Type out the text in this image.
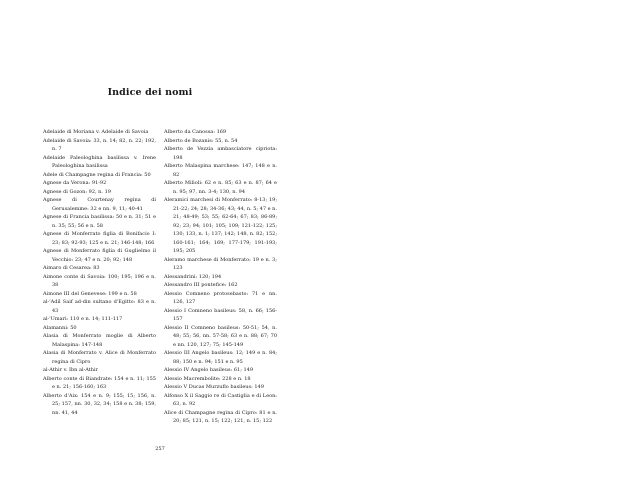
Indice dei nomi

Adelaide di Moriana v. Adelaide di Savoia

Adelaide di Savoia: 33, n. 14; 82, n. 22; 192, n. 7

Adelaide Paleologhina basilissa v. Irene Paleologhina basilissa

Adele di Champagne regina di Francia: 50

Agnese da Verona: 91-92

Agnese di Gozon: 92, n. 19

Agnese di Courtenay regina di Gerusalemme: 32 e nn. 9, 11; 40-41

Agnese di Francia basilissa: 50 e n. 31; 51 e n. 35; 55; 56 e n. 58

Agnese di Monferrato figlia di Bonifacio I: 23; 83; 92-93; 125 e n. 21; 146-148; 166

Agnese di Monferrato figlia di Guglielmo il Vecchio: 23; 47 e n. 20; 92; 148

Aimaro di Cesarea: 83

Aimone conte di Savoia: 100; 195; 196 e n. 38

Aimone III del Genevese: 199 e n. 58

al-'Adil Saif ad-din sultano d'Egitto: 83 e n. 43

al-'Umari: 110 e n. 14; 111-117

Alamanni: 50

Alasia di Monferrato moglie di Alberto Malaspina: 147-148

Alasia di Monferrato v. Alice di Monferrato regina di Cipro

al-Athir v. Ibn al-Athir

Alberto conte di Biandrate: 154 e n. 11; 155 e n. 21; 156-160; 163

Alberto d'Aix: 154 e n. 9; 155; 15; 156, n. 25; 157, nn. 30, 32, 34; 158 e n. 38; 159, nn. 41, 44

Alberto da Canossa: 169

Alberto de Bozanis: 55, n. 54

Alberto de Vezzia ambasciatore cipriota: 198

Alberto Malaspina marchese: 147; 148 e n. 82

Alberto Milioli: 62 e n. 85; 63 e n. 87; 64 e n. 95; 97, nn. 3-4; 130, n. 94

Aleramici marchesi di Monferrato: 8-13; 19; 21-22; 24; 28; 34-36; 43; 44, n. 5; 47 e n. 21; 48-49; 53; 55; 62-64; 67; 83; 86-89; 92; 23; 94; 101; 105; 109; 121-122; 125; 130; 133, n. 1; 137; 142; 148, n. 82; 152; 160-161; 164; 169; 177-179; 191-193; 195; 205

Aleramo marchese di Monferrato: 19 e n. 3; 123

Alessandrini: 120; 194

Alessandro III pontefice: 162

Alessio Comneno protosebasto: 71 e nn. 126, 127

Alessio I Comneno basileus: 58, n. 66; 156-157

Alessio II Comneno basileus: 50-51; 54, n. 48; 55; 56, nn. 57-58; 63 e n. 88; 67; 70 e nn. 120, 127; 75; 145-149

Alessio III Angelo basileus: 12; 149 e n. 84; 88; 150 e n. 94; 151 e n. 95

Alessio IV Angelo basileus: 61; 149

Alessio Macrembolite: 228 e n. 18

Alessio V Ducas Murzuflo basileus: 149

Alfonso X il Saggio re di Castiglia e di Leon: 63, n. 92

Alice di Champagne regina di Cipro: 81 e n. 20; 85; 121, n. 15; 122; 121, n. 15; 122

257
